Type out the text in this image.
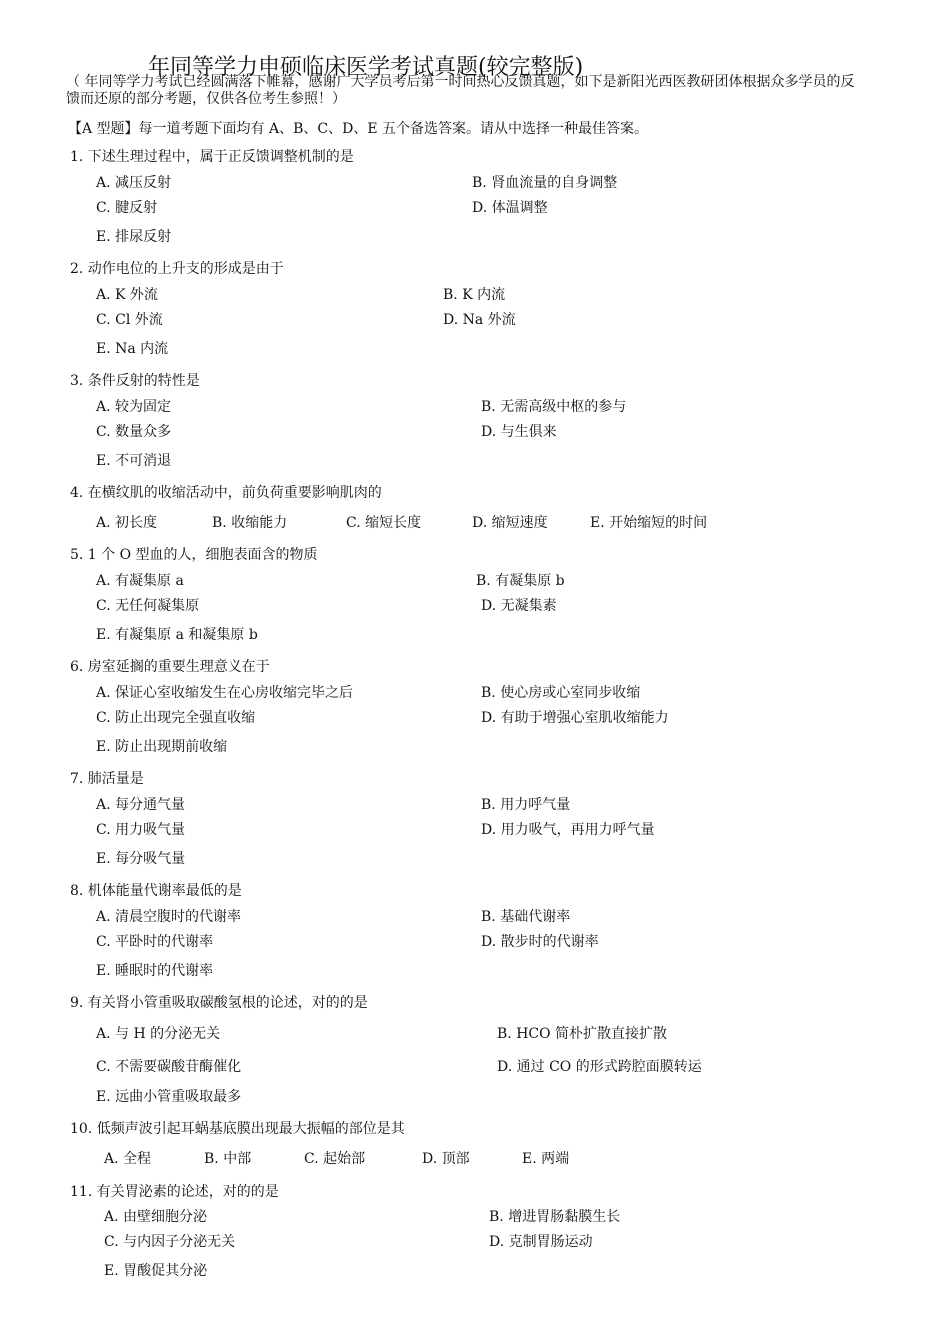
年同等学力申硕临床医学考试真题(较完整版)
（ 年同等学力考试已经圆满落下帷幕，感谢广大学员考后第一时间热心反馈真题，如下是新阳光西医教研团体根据众多学员的反馈而还原的部分考题，仅供各位考生参照！）
【A 型题】每一道考题下面均有 A、B、C、D、E 五个备选答案。请从中选择一种最佳答案。
1. 下述生理过程中，属于正反馈调整机制的是
A. 减压反射	B. 肾血流量的自身调整
C. 腱反射	D. 体温调整
E. 排尿反射
2. 动作电位的上升支的形成是由于
A. K 外流	B. K 内流
C. Cl 外流	D. Na 外流
E. Na 内流
3. 条件反射的特性是
A. 较为固定	B. 无需高级中枢的参与
C. 数量众多	D. 与生俱来
E. 不可消退
4. 在横纹肌的收缩活动中，前负荷重要影响肌肉的
A. 初长度	B. 收缩能力	C. 缩短长度	D. 缩短速度	E. 开始缩短的时间
5. 1 个 O 型血的人，细胞表面含的物质
A. 有凝集原 a	B. 有凝集原 b
C. 无任何凝集原	D. 无凝集素
E. 有凝集原 a 和凝集原 b
6. 房室延搁的重要生理意义在于
A. 保证心室收缩发生在心房收缩完毕之后	B. 使心房或心室同步收缩
C. 防止出现完全强直收缩	D. 有助于增强心室肌收缩能力
E. 防止出现期前收缩
7. 肺活量是
A. 每分通气量	B. 用力呼气量
C. 用力吸气量	D. 用力吸气，再用力呼气量
E. 每分吸气量
8. 机体能量代谢率最低的是
A. 清晨空腹时的代谢率	B. 基础代谢率
C. 平卧时的代谢率	D. 散步时的代谢率
E. 睡眠时的代谢率
9. 有关肾小管重吸取碳酸氢根的论述，对的的是
A. 与 H 的分泌无关	B. HCO 简朴扩散直接扩散
C. 不需要碳酸苷酶催化	D. 通过 CO 的形式跨腔面膜转运
E. 远曲小管重吸取最多
10. 低频声波引起耳蜗基底膜出现最大振幅的部位是其
A. 全程	B. 中部	C. 起始部	D. 顶部	E. 两端
11. 有关胃泌素的论述，对的的是
A. 由壁细胞分泌	B. 增进胃肠黏膜生长
C. 与内因子分泌无关	D. 克制胃肠运动
E. 胃酸促其分泌
